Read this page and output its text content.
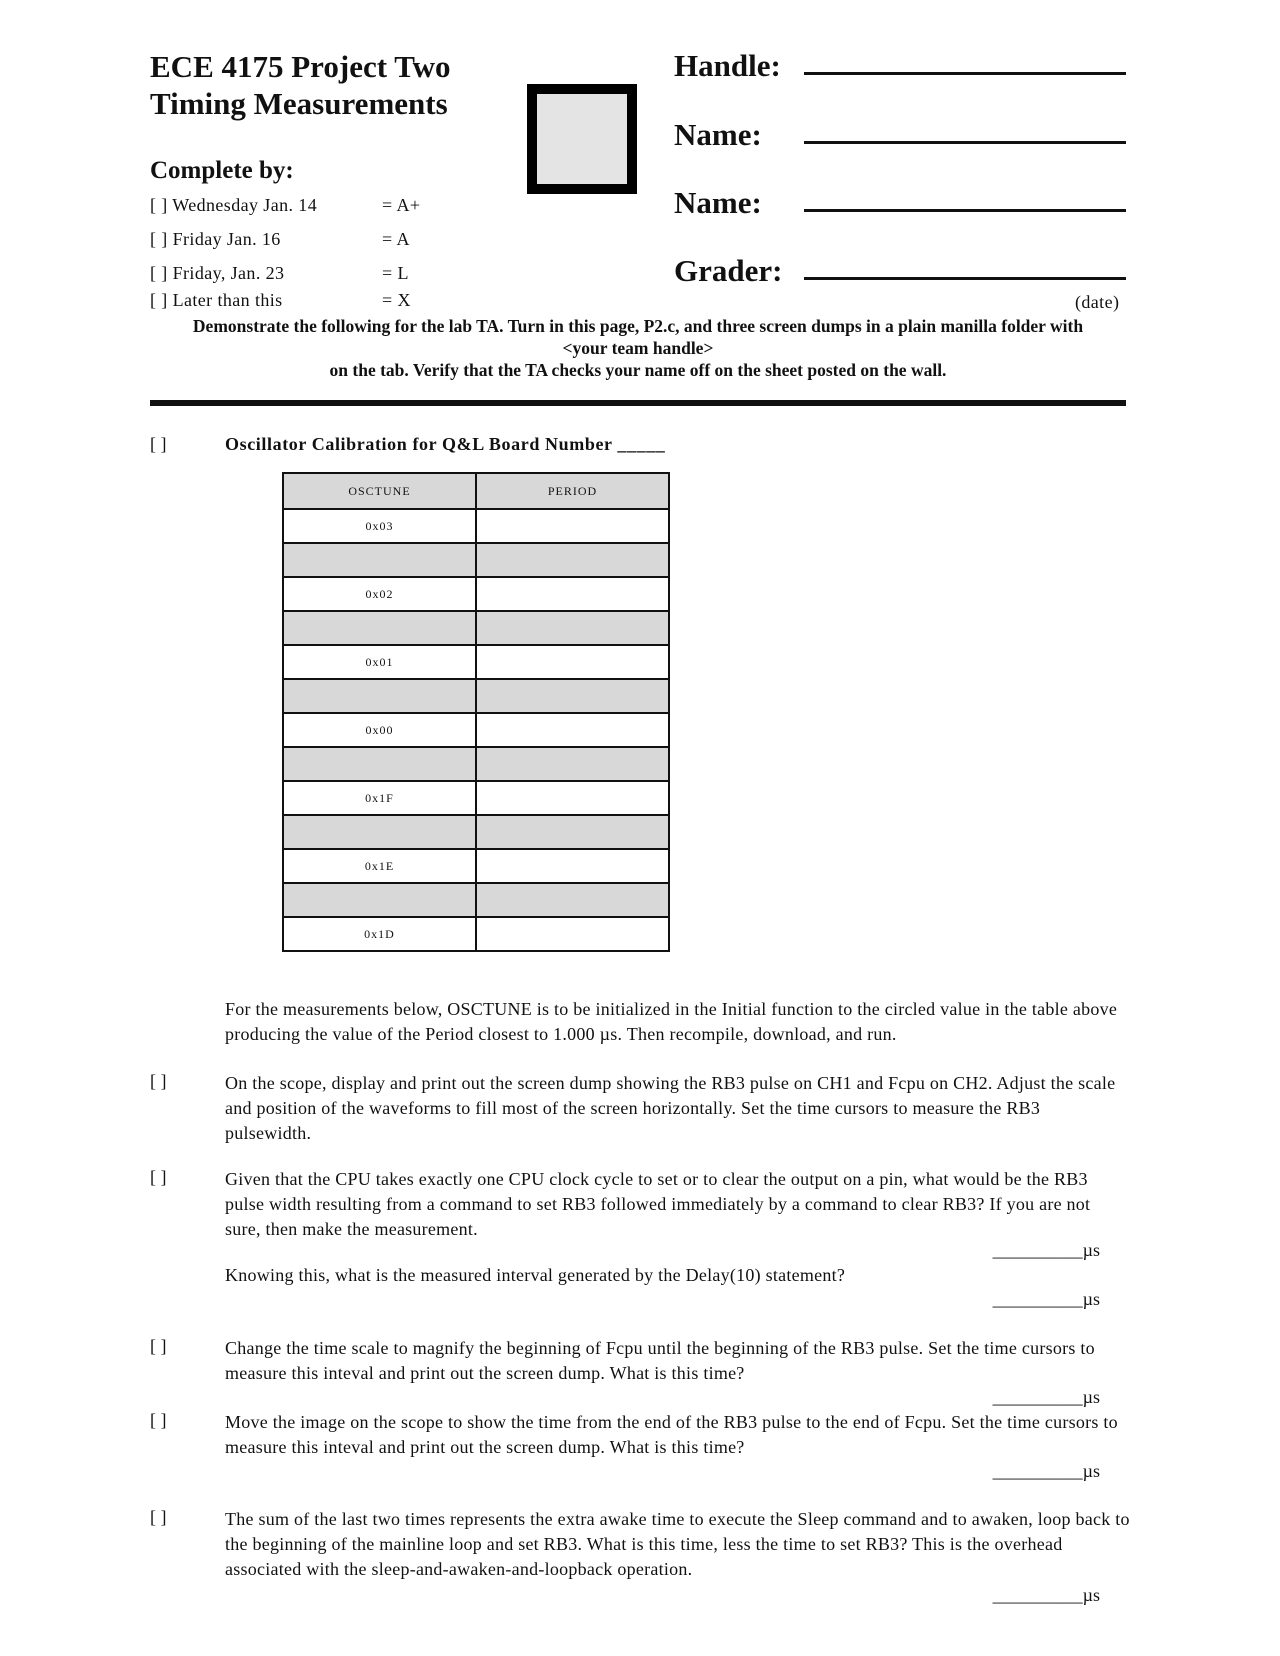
ECE 4175 Project Two
Timing Measurements
Complete by:
[ ] Wednesday Jan. 14	= A+
[ ] Friday Jan. 16	= A
[ ] Friday, Jan. 23	= L
[ ] Later than this	= X
Handle:
Name:
Name:
Grader:
(date)
Demonstrate the following for the lab TA. Turn in this page, P2.c, and three screen dumps in a plain manilla folder with
<your team handle>
on the tab. Verify that the TA checks your name off on the sheet posted on the wall.
[ ]	Oscillator Calibration for Q&L Board Number _____
OSCTUNE	PERIOD
0x03	

0x02	

0x01	

0x00	

0x1F	

0x1E	

0x1D	
For the measurements below, OSCTUNE is to be initialized in the Initial function to the circled value in the table above producing the value of the Period closest to 1.000 µs. Then recompile, download, and run.
[ ]	On the scope, display and print out the screen dump showing the RB3 pulse on CH1 and Fcpu on CH2. Adjust the scale and position of the waveforms to fill most of the screen horizontally. Set the time cursors to measure the RB3 pulsewidth.
[ ]	Given that the CPU takes exactly one CPU clock cycle to set or to clear the output on a pin, what would be the RB3 pulse width resulting from a command to set RB3 followed immediately by a command to clear RB3? If you are not sure, then make the measurement.
__________µs
Knowing this, what is the measured interval generated by the Delay(10) statement?
__________µs
[ ]	Change the time scale to magnify the beginning of Fcpu until the beginning of the RB3 pulse. Set the time cursors to measure this inteval and print out the screen dump. What is this time?
__________µs
[ ]	Move the image on the scope to show the time from the end of the RB3 pulse to the end of Fcpu. Set the time cursors to measure this inteval and print out the screen dump. What is this time?
__________µs
[ ]	The sum of the last two times represents the extra awake time to execute the Sleep command and to awaken, loop back to the beginning of the mainline loop and set RB3. What is this time, less the time to set RB3? This is the overhead associated with the sleep-and-awaken-and-loopback operation.
__________µs
